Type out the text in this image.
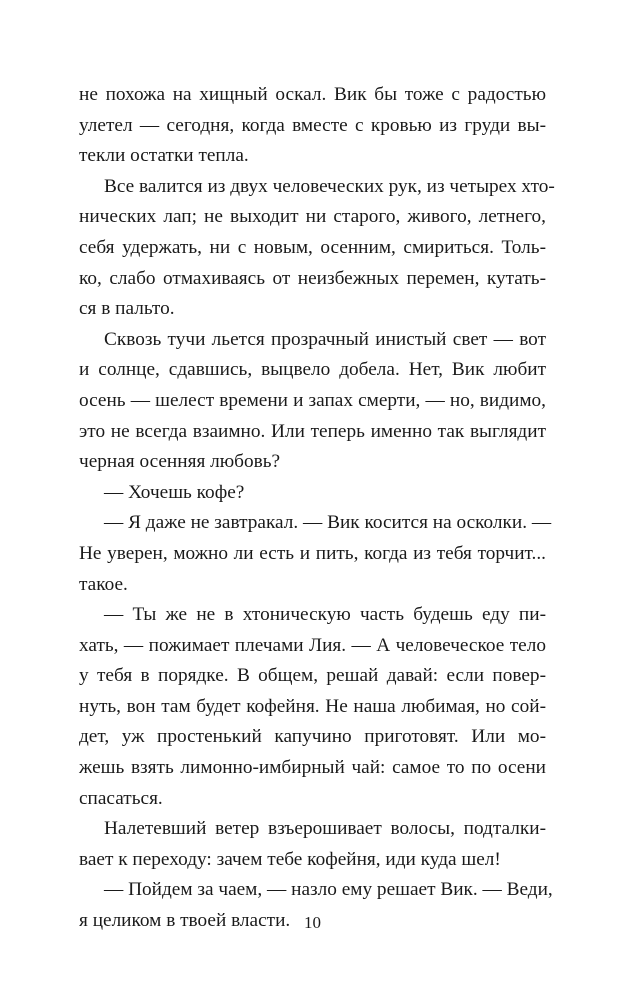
не похожа на хищный оскал. Вик бы тоже с радостью
улетел — сегодня, когда вместе с кровью из груди вы-
текли остатки тепла.
Все валится из двух человеческих рук, из четырех хто-
нических лап; не выходит ни старого, живого, летнего,
себя удержать, ни с новым, осенним, смириться. Толь-
ко, слабо отмахиваясь от неизбежных перемен, кутать-
ся в пальто.
Сквозь тучи льется прозрачный инистый свет — вот
и солнце, сдавшись, выцвело добела. Нет, Вик любит
осень — шелест времени и запах смерти, — но, видимо,
это не всегда взаимно. Или теперь именно так выглядит
черная осенняя любовь?
— Хочешь кофе?
— Я даже не завтракал. — Вик косится на осколки. —
Не уверен, можно ли есть и пить, когда из тебя торчит...
такое.
— Ты же не в хтоническую часть будешь еду пи-
хать, — пожимает плечами Лия. — А человеческое тело
у тебя в порядке. В общем, решай давай: если повер-
нуть, вон там будет кофейня. Не наша любимая, но сой-
дет, уж простенький капучино приготовят. Или мо-
жешь взять лимонно-имбирный чай: самое то по осени
спасаться.
Налетевший ветер взъерошивает волосы, подталки-
вает к переходу: зачем тебе кофейня, иди куда шел!
— Пойдем за чаем, — назло ему решает Вик. — Веди,
я целиком в твоей власти. 10
